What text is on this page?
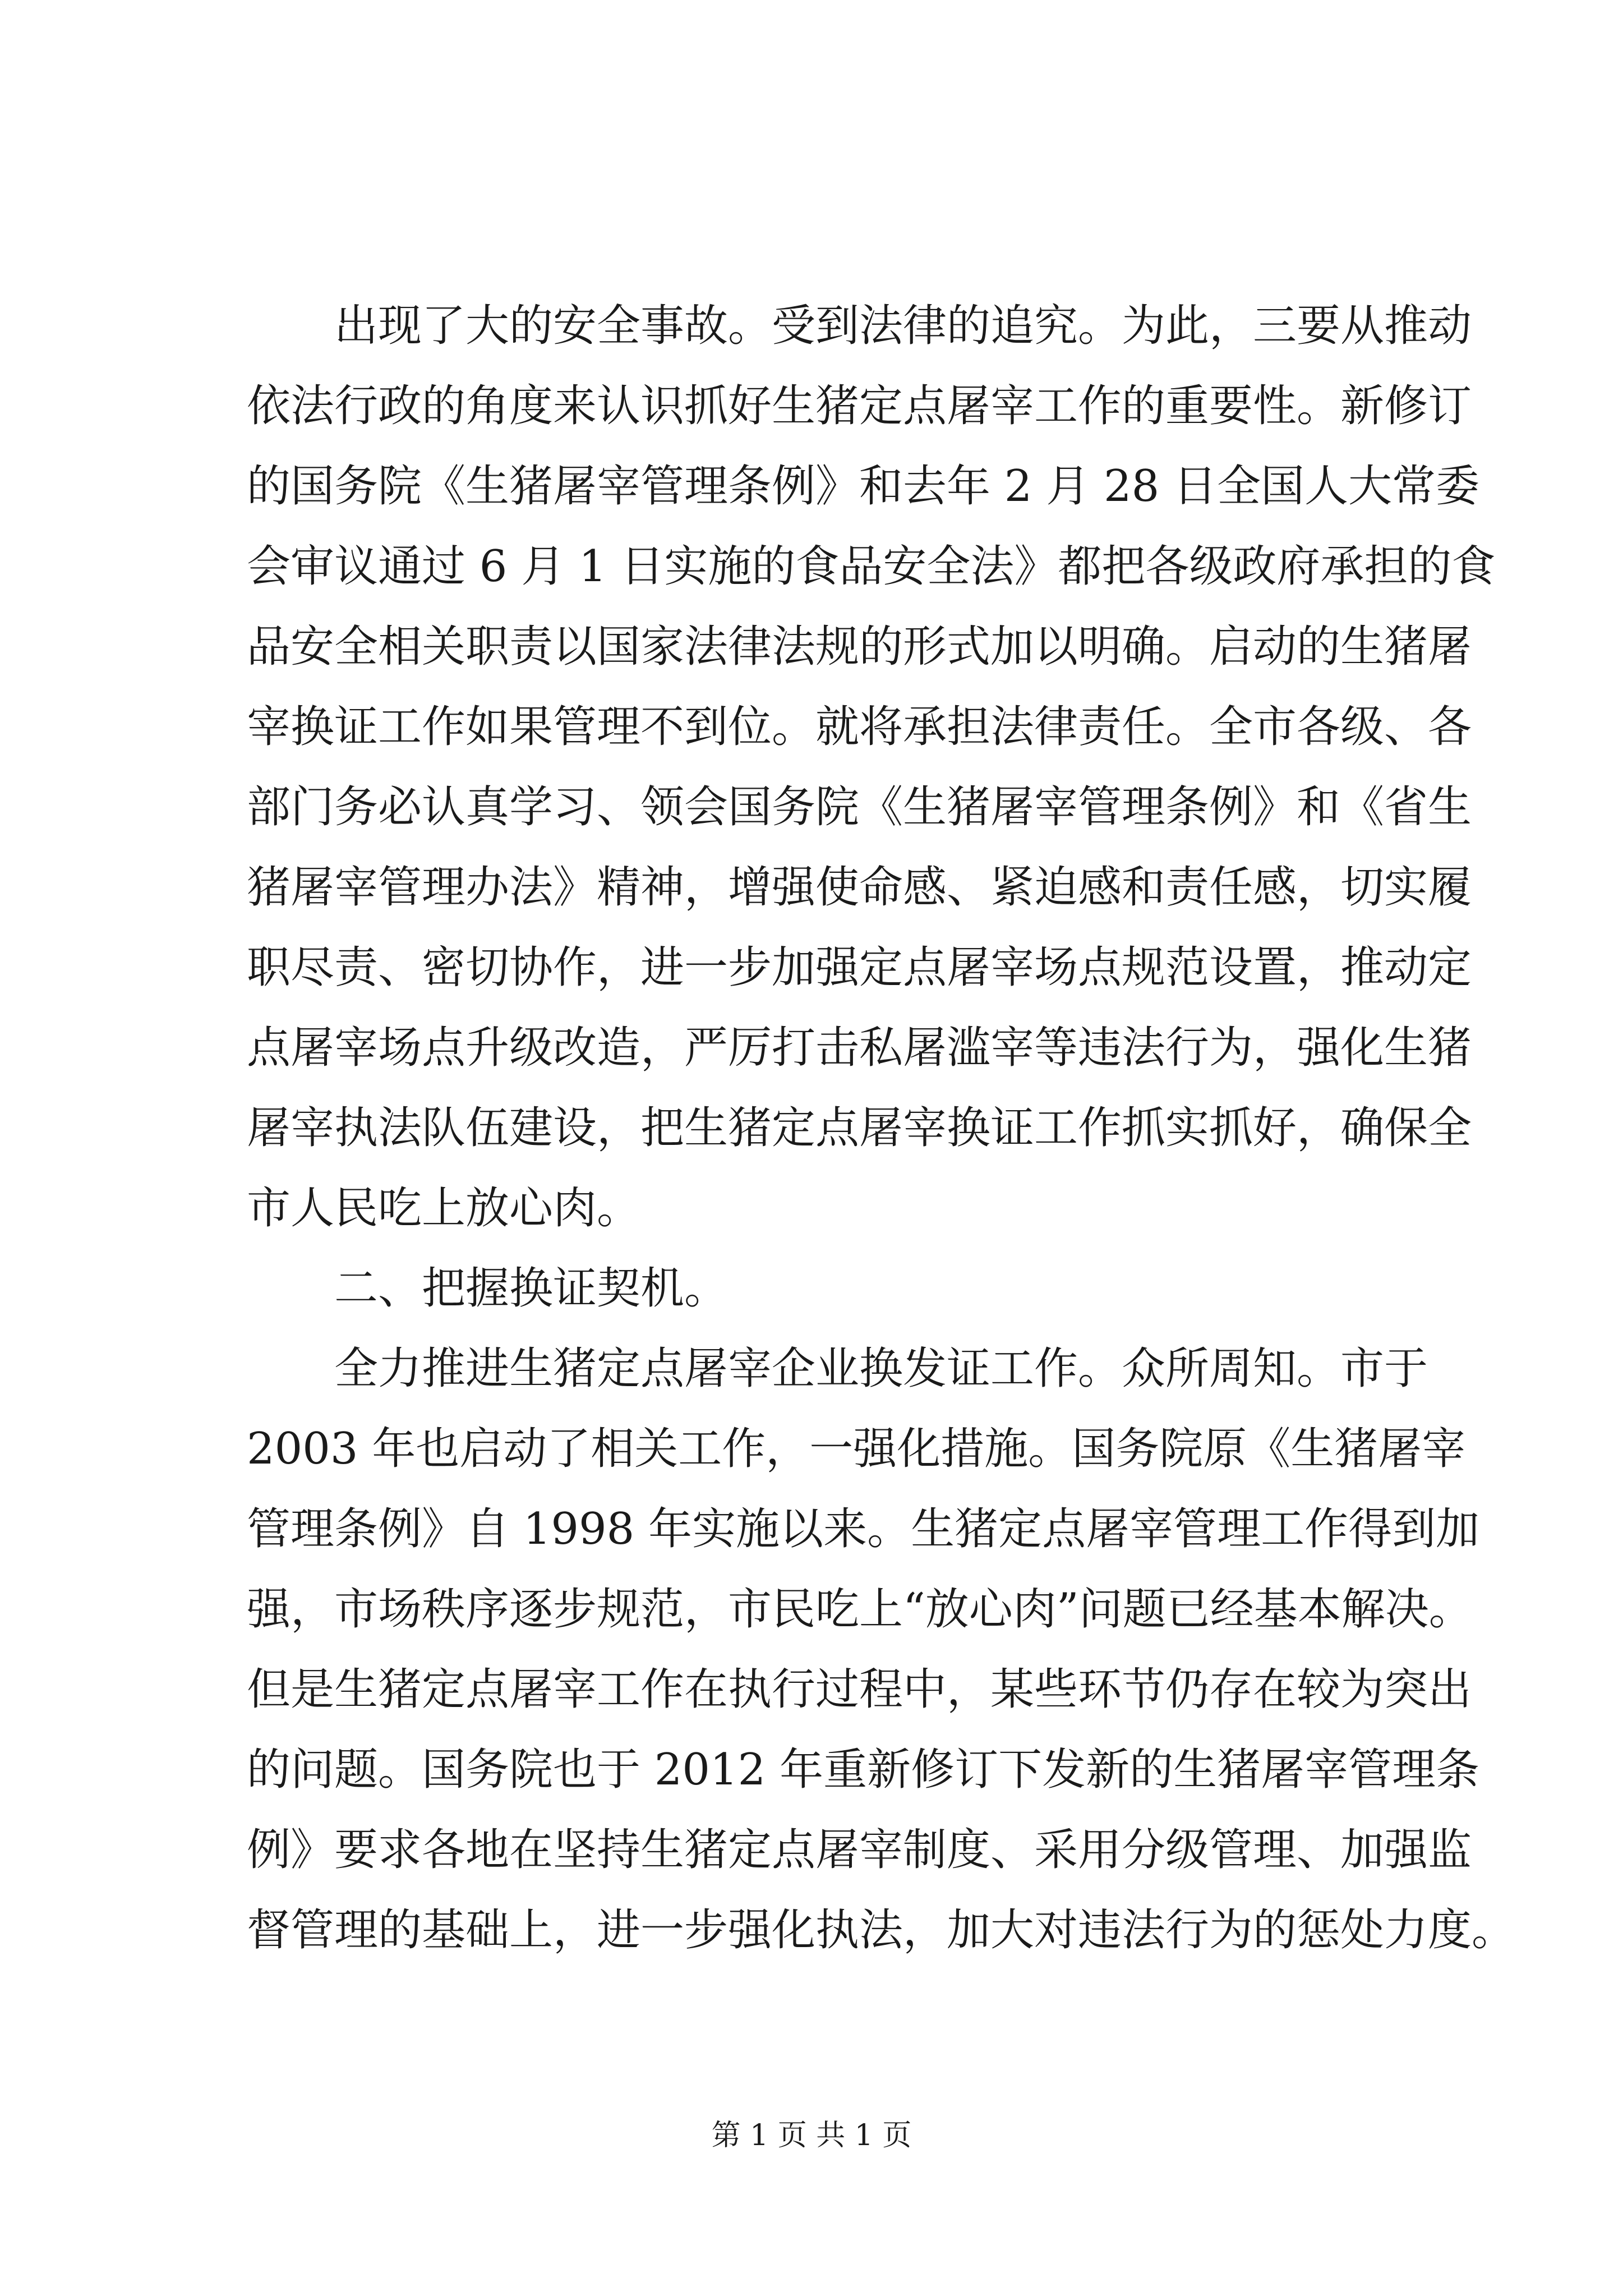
出现了大的安全事故。受到法律的追究。为此，三要从推动
依法行政的角度来认识抓好生猪定点屠宰工作的重要性。新修订
的国务院《生猪屠宰管理条例》和去年 2 月 28 日全国人大常委
会审议通过 6 月 1 日实施的食品安全法》都把各级政府承担的食
品安全相关职责以国家法律法规的形式加以明确。启动的生猪屠
宰换证工作如果管理不到位。就将承担法律责任。全市各级、各
部门务必认真学习、领会国务院《生猪屠宰管理条例》和《省生
猪屠宰管理办法》精神，增强使命感、紧迫感和责任感，切实履
职尽责、密切协作，进一步加强定点屠宰场点规范设置，推动定
点屠宰场点升级改造，严厉打击私屠滥宰等违法行为，强化生猪
屠宰执法队伍建设，把生猪定点屠宰换证工作抓实抓好，确保全
市人民吃上放心肉。
二、把握换证契机。
全力推进生猪定点屠宰企业换发证工作。众所周知。市于
2003 年也启动了相关工作，一强化措施。国务院原《生猪屠宰
管理条例》自 1998 年实施以来。生猪定点屠宰管理工作得到加
强，市场秩序逐步规范，市民吃上“放心肉”问题已经基本解决。
但是生猪定点屠宰工作在执行过程中，某些环节仍存在较为突出
的问题。国务院也于 2012 年重新修订下发新的生猪屠宰管理条
例》要求各地在坚持生猪定点屠宰制度、采用分级管理、加强监
督管理的基础上，进一步强化执法，加大对违法行为的惩处力度。
第 1 页 共 1 页
